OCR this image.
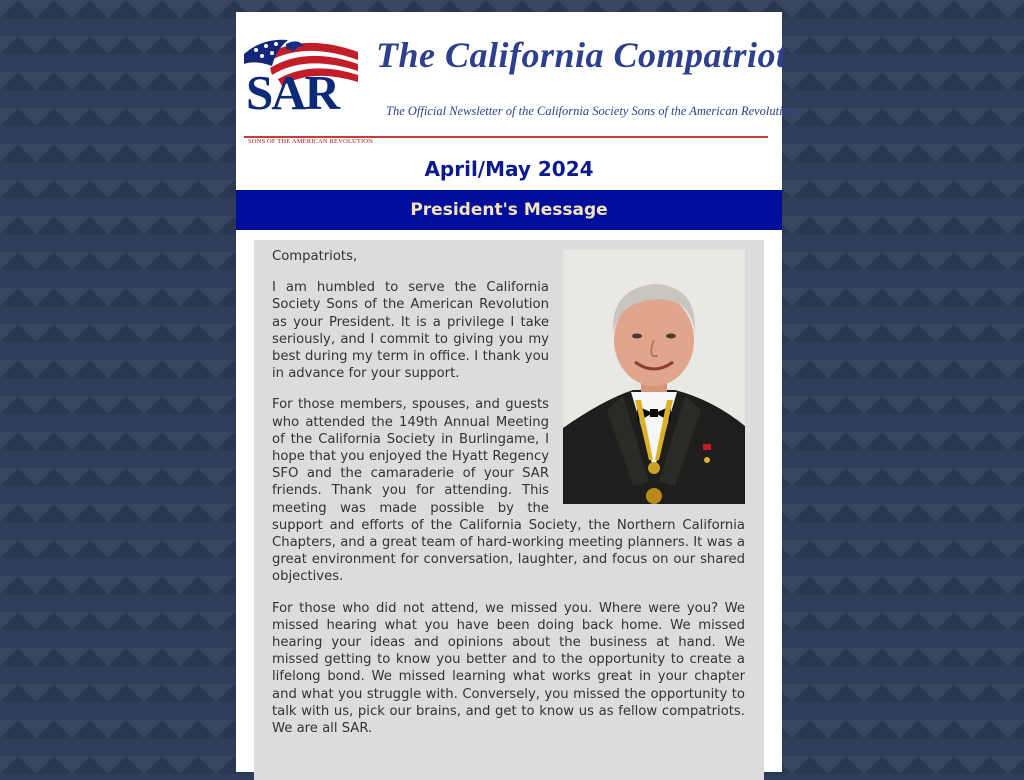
SAR
SONS OF THE AMERICAN REVOLUTION
The California Compatriot
The Official Newsletter of the California Society Sons of the American Revolution
April/May 2024
President's Message

Compatriots,

I am humbled to serve the California Society Sons of the American Revolution as your President. It is a privilege I take seriously, and I commit to giving you my best during my term in office. I thank you in advance for your support.

For those members, spouses, and guests who attended the 149th Annual Meeting of the California Society in Burlingame, I hope that you enjoyed the Hyatt Regency SFO and the camaraderie of your SAR friends. Thank you for attending. This meeting was made possible by the support and efforts of the California Society, the Northern California Chapters, and a great team of hard-working meeting planners. It was a great environment for conversation, laughter, and focus on our shared objectives.

For those who did not attend, we missed you. Where were you? We missed hearing what you have been doing back home. We missed hearing your ideas and opinions about the business at hand. We missed getting to know you better and to the opportunity to create a lifelong bond. We missed learning what works great in your chapter and what you struggle with. Conversely, you missed the opportunity to talk with us, pick our brains, and get to know us as fellow compatriots. We are all SAR.
